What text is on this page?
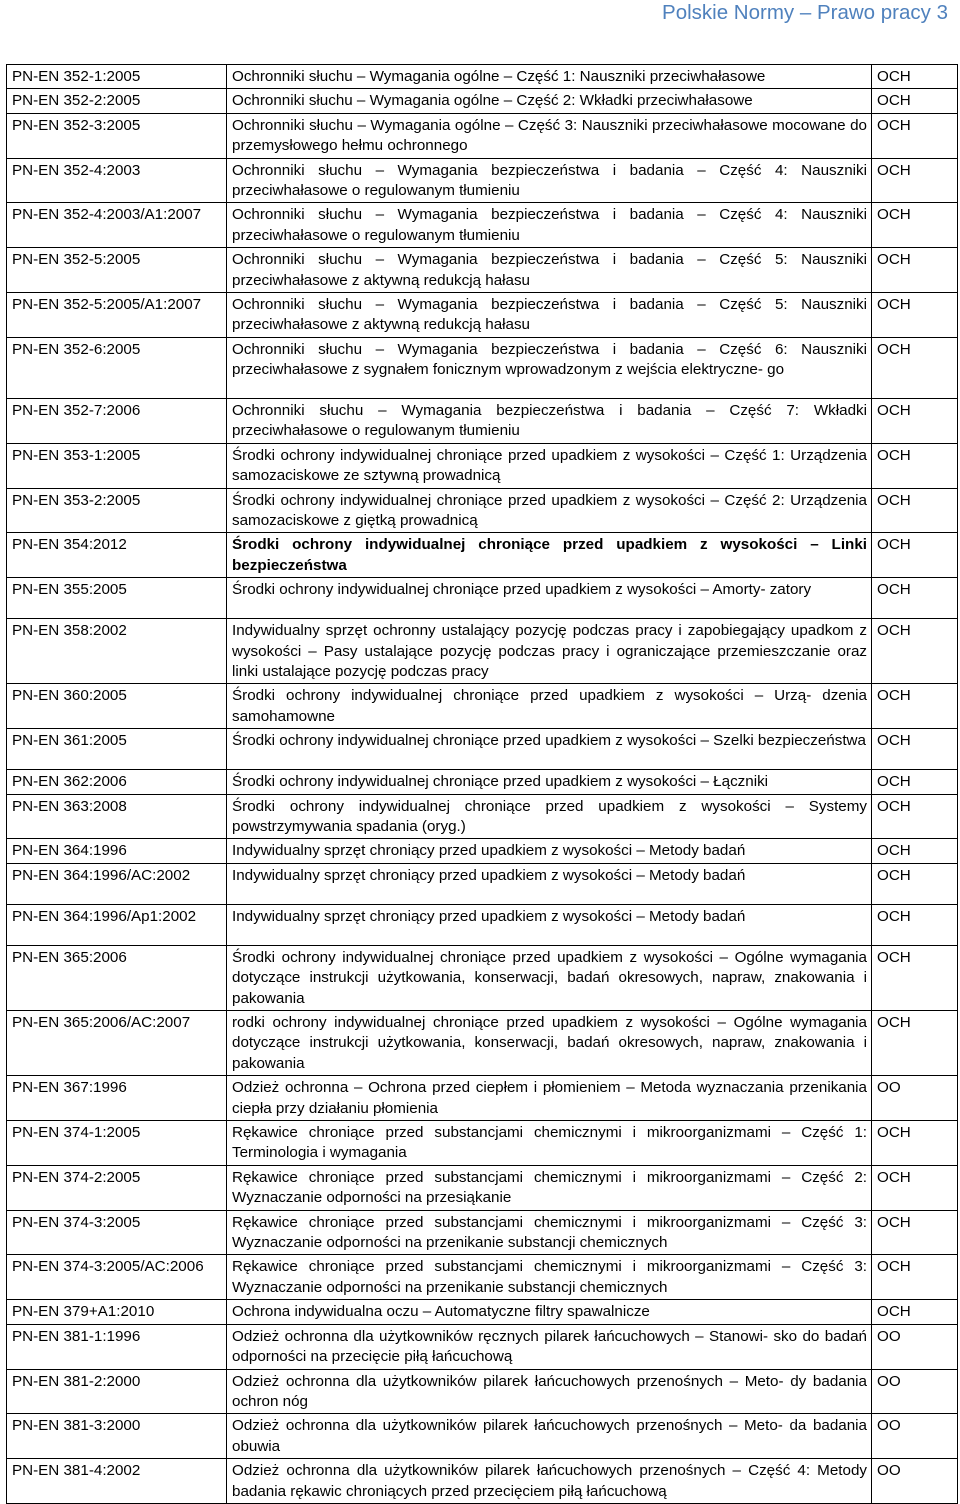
Polskie Normy – Prawo pracy 3
PN-EN 352-1:2005	Ochronniki słuchu – Wymagania ogólne – Część 1: Nauszniki przeciwhałasowe	OCH
PN-EN 352-2:2005	Ochronniki słuchu – Wymagania ogólne – Część 2: Wkładki przeciwhałasowe	OCH
PN-EN 352-3:2005	Ochronniki słuchu – Wymagania ogólne – Część 3: Nauszniki przeciwhałasowe mocowane do przemysłowego hełmu ochronnego	OCH
PN-EN 352-4:2003	Ochronniki słuchu – Wymagania bezpieczeństwa i badania – Część 4: Nauszniki przeciwhałasowe o regulowanym tłumieniu	OCH
PN-EN 352-4:2003/A1:2007	Ochronniki słuchu – Wymagania bezpieczeństwa i badania – Część 4: Nauszniki przeciwhałasowe o regulowanym tłumieniu	OCH
PN-EN 352-5:2005	Ochronniki słuchu – Wymagania bezpieczeństwa i badania – Część 5: Nauszniki przeciwhałasowe z aktywną redukcją hałasu	OCH
PN-EN 352-5:2005/A1:2007	Ochronniki słuchu – Wymagania bezpieczeństwa i badania – Część 5: Nauszniki przeciwhałasowe z aktywną redukcją hałasu	OCH
PN-EN 352-6:2005	Ochronniki słuchu – Wymagania bezpieczeństwa i badania – Część 6: Nauszniki przeciwhałasowe z sygnałem fonicznym wprowadzonym z wejścia elektryczne- go	OCH
PN-EN 352-7:2006	Ochronniki słuchu – Wymagania bezpieczeństwa i badania – Część 7: Wkładki przeciwhałasowe o regulowanym tłumieniu	OCH
PN-EN 353-1:2005	Środki ochrony indywidualnej chroniące przed upadkiem z wysokości – Część 1: Urządzenia samozaciskowe ze sztywną prowadnicą	OCH
PN-EN 353-2:2005	Środki ochrony indywidualnej chroniące przed upadkiem z wysokości – Część 2: Urządzenia samozaciskowe z giętką prowadnicą	OCH
PN-EN 354:2012	Środki ochrony indywidualnej chroniące przed upadkiem z wysokości – Linki bezpieczeństwa	OCH
PN-EN 355:2005	Środki ochrony indywidualnej chroniące przed upadkiem z wysokości – Amorty- zatory	OCH
PN-EN 358:2002	Indywidualny sprzęt ochronny ustalający pozycję podczas pracy i zapobiegający upadkom z wysokości – Pasy ustalające pozycję podczas pracy i ograniczające przemieszczanie oraz linki ustalające pozycję podczas pracy	OCH
PN-EN 360:2005	Środki ochrony indywidualnej chroniące przed upadkiem z wysokości – Urzą- dzenia samohamowne	OCH
PN-EN 361:2005	Środki ochrony indywidualnej chroniące przed upadkiem z wysokości – Szelki bezpieczeństwa	OCH
PN-EN 362:2006	Środki ochrony indywidualnej chroniące przed upadkiem z wysokości – Łączniki	OCH
PN-EN 363:2008	Środki ochrony indywidualnej chroniące przed upadkiem z wysokości – Systemy powstrzymywania spadania (oryg.)	OCH
PN-EN 364:1996	Indywidualny sprzęt chroniący przed upadkiem z wysokości – Metody badań	OCH
PN-EN 364:1996/AC:2002	Indywidualny sprzęt chroniący przed upadkiem z wysokości – Metody badań	OCH
PN-EN 364:1996/Ap1:2002	Indywidualny sprzęt chroniący przed upadkiem z wysokości – Metody badań	OCH
PN-EN 365:2006	Środki ochrony indywidualnej chroniące przed upadkiem z wysokości – Ogólne wymagania dotyczące instrukcji użytkowania, konserwacji, badań okresowych, napraw, znakowania i pakowania	OCH
PN-EN 365:2006/AC:2007	rodki ochrony indywidualnej chroniące przed upadkiem z wysokości – Ogólne wymagania dotyczące instrukcji użytkowania, konserwacji, badań okresowych, napraw, znakowania i pakowania	OCH
PN-EN 367:1996	Odzież ochronna – Ochrona przed ciepłem i płomieniem – Metoda wyznaczania przenikania ciepła przy działaniu płomienia	OO
PN-EN 374-1:2005	Rękawice chroniące przed substancjami chemicznymi i mikroorganizmami – Część 1: Terminologia i wymagania	OCH
PN-EN 374-2:2005	Rękawice chroniące przed substancjami chemicznymi i mikroorganizmami – Część 2: Wyznaczanie odporności na przesiąkanie	OCH
PN-EN 374-3:2005	Rękawice chroniące przed substancjami chemicznymi i mikroorganizmami – Część 3: Wyznaczanie odporności na przenikanie substancji chemicznych	OCH
PN-EN 374-3:2005/AC:2006	Rękawice chroniące przed substancjami chemicznymi i mikroorganizmami – Część 3: Wyznaczanie odporności na przenikanie substancji chemicznych	OCH
PN-EN 379+A1:2010	Ochrona indywidualna oczu – Automatyczne filtry spawalnicze	OCH
PN-EN 381-1:1996	Odzież ochronna dla użytkowników ręcznych pilarek łańcuchowych – Stanowi- sko do badań odporności na przecięcie piłą łańcuchową	OO
PN-EN 381-2:2000	Odzież ochronna dla użytkowników pilarek łańcuchowych przenośnych – Meto- dy badania ochron nóg	OO
PN-EN 381-3:2000	Odzież ochronna dla użytkowników pilarek łańcuchowych przenośnych – Meto- da badania obuwia	OO
PN-EN 381-4:2002	Odzież ochronna dla użytkowników pilarek łańcuchowych przenośnych – Część 4: Metody badania rękawic chroniących przed przecięciem piłą łańcuchową	OO
